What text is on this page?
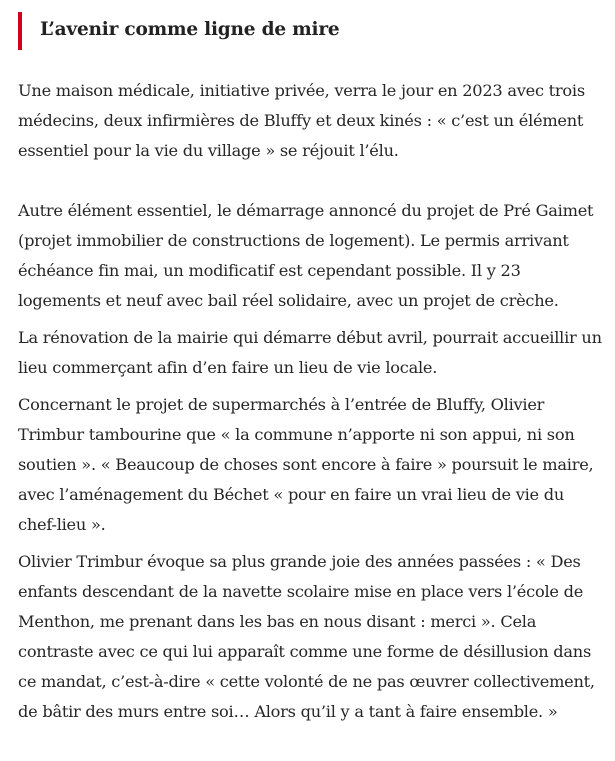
L’avenir comme ligne de mire

Une maison médicale, initiative privée, verra le jour en 2023 avec trois médecins, deux infirmières de Bluffy et deux kinés : « c’est un élément essentiel pour la vie du village » se réjouit l’élu.

Autre élément essentiel, le démarrage annoncé du projet de Pré Gaimet (projet immobilier de constructions de logement). Le permis arrivant échéance fin mai, un modificatif est cependant possible. Il y 23 logements et neuf avec bail réel solidaire, avec un projet de crèche.

La rénovation de la mairie qui démarre début avril, pourrait accueillir un lieu commerçant afin d’en faire un lieu de vie locale.

Concernant le projet de supermarchés à l’entrée de Bluffy, Olivier Trimbur tambourine que « la commune n’apporte ni son appui, ni son soutien ». « Beaucoup de choses sont encore à faire » poursuit le maire, avec l’aménagement du Béchet « pour en faire un vrai lieu de vie du chef-lieu ».

Olivier Trimbur évoque sa plus grande joie des années passées : « Des enfants descendant de la navette scolaire mise en place vers l’école de Menthon, me prenant dans les bas en nous disant : merci ». Cela contraste avec ce qui lui apparaît comme une forme de désillusion dans ce mandat, c’est-à-dire « cette volonté de ne pas œuvrer collectivement, de bâtir des murs entre soi… Alors qu’il y a tant à faire ensemble. »
